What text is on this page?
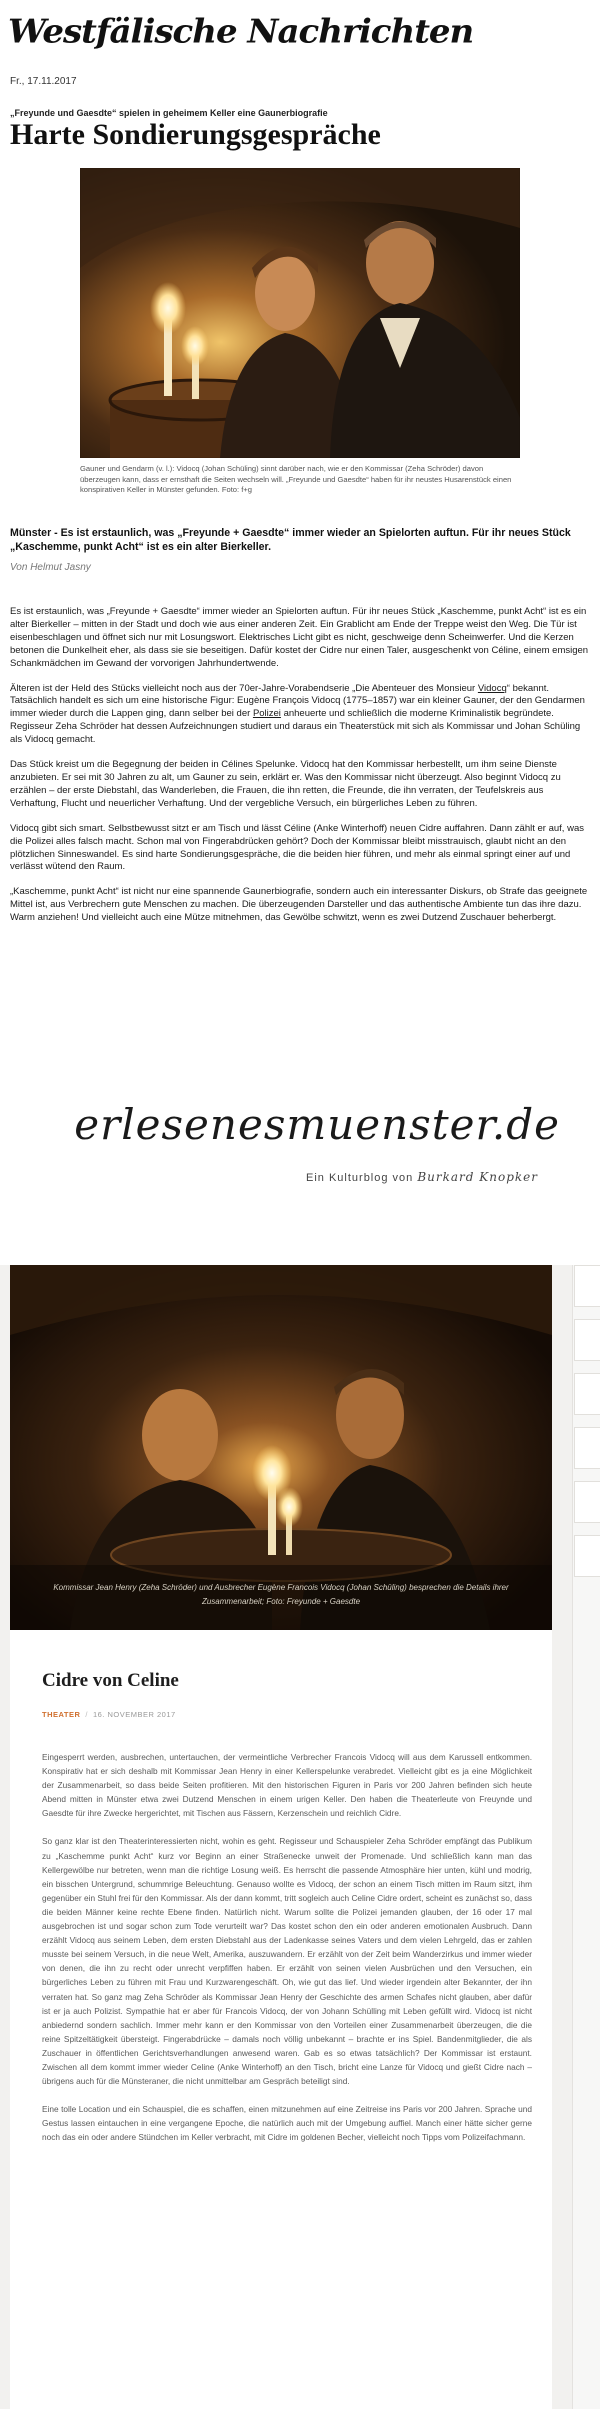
Westfälische Nachrichten
Fr., 17.11.2017
„Freyunde und Gaesdte“ spielen in geheimem Keller eine Gaunerbiografie
Harte Sondierungsgespräche
Gauner und Gendarm (v. l.): Vidocq (Johan Schüling) sinnt darüber nach, wie er den Kommissar (Zeha Schröder) davon überzeugen kann, dass er ernsthaft die Seiten wechseln will. „Freyunde und Gaesdte“ haben für ihr neustes Husarenstück einen konspirativen Keller in Münster gefunden. Foto: f+g

Münster - Es ist erstaunlich, was „Freyunde + Gaesdte“ immer wieder an Spielorten auftun. Für ihr neues Stück „Kaschemme, punkt Acht“ ist es ein alter Bierkeller.

Von Helmut Jasny

Es ist erstaunlich, was „Freyunde + Gaesdte“ immer wieder an Spielorten auftun. Für ihr neues Stück „Kaschemme, punkt Acht“ ist es ein alter Bierkeller – mitten in der Stadt und doch wie aus einer anderen Zeit. Ein Grablicht am Ende der Treppe weist den Weg. Die Tür ist eisenbeschlagen und öffnet sich nur mit Losungswort. Elektrisches Licht gibt es nicht, geschweige denn Scheinwerfer. Und die Kerzen betonen die Dunkelheit eher, als dass sie sie beseitigen. Dafür kostet der Cidre nur einen Taler, ausgeschenkt von Céline, einem emsigen Schankmädchen im Gewand der vorvorigen Jahrhundertwende.

Älteren ist der Held des Stücks vielleicht noch aus der 70er-Jahre-Vorabendserie „Die Abenteuer des Monsieur Vidocq“ bekannt. Tatsächlich handelt es sich um eine historische Figur: Eugène François Vidocq (1775–1857) war ein kleiner Gauner, der den Gendarmen immer wieder durch die Lappen ging, dann selber bei der Polizei anheuerte und schließlich die moderne Kriminalistik begründete. Regisseur Zeha Schröder hat dessen Aufzeichnungen studiert und daraus ein Theaterstück mit sich als Kommissar und Johan Schüling als Vidocq gemacht.

Das Stück kreist um die Begegnung der beiden in Célines Spelunke. Vidocq hat den Kommissar herbestellt, um ihm seine Dienste anzubieten. Er sei mit 30 Jahren zu alt, um Gauner zu sein, erklärt er. Was den Kommissar nicht überzeugt. Also beginnt Vidocq zu erzählen – der erste Diebstahl, das Wanderleben, die Frauen, die ihn retten, die Freunde, die ihn verraten, der Teufelskreis aus Verhaftung, Flucht und neuerlicher Verhaftung. Und der vergebliche Versuch, ein bürgerliches Leben zu führen.

Vidocq gibt sich smart. Selbstbewusst sitzt er am Tisch und lässt Céline (Anke Winterhoff) neuen Cidre auffahren. Dann zählt er auf, was die Polizei alles falsch macht. Schon mal von Fingerabdrücken gehört? Doch der Kommissar bleibt misstrauisch, glaubt nicht an den plötzlichen Sinneswandel. Es sind harte Sondierungsgespräche, die die beiden hier führen, und mehr als einmal springt einer auf und verlässt wütend den Raum.

„Kaschemme, punkt Acht“ ist nicht nur eine spannende Gaunerbiografie, sondern auch ein interessanter Diskurs, ob Strafe das geeignete Mittel ist, aus Verbrechern gute Menschen zu machen. Die überzeugenden Darsteller und das authentische Ambiente tun das ihre dazu. Warm anziehen! Und vielleicht auch eine Mütze mitnehmen, das Gewölbe schwitzt, wenn es zwei Dutzend Zuschauer beherbergt.

erlesenesmuenster.de
Ein Kulturblog von Burkard Knopker
Kommissar Jean Henry (Zeha Schröder) und Ausbrecher Eugène Francois Vidocq (Johan Schüling) besprechen die Details ihrer Zusammenarbeit; Foto: Freyunde + Gaesdte
Cidre von Celine
THEATER / 16. NOVEMBER 2017

Eingesperrt werden, ausbrechen, untertauchen, der vermeintliche Verbrecher Francois Vidocq will aus dem Karussell entkommen. Konspirativ hat er sich deshalb mit Kommissar Jean Henry in einer Kellerspelunke verabredet. Vielleicht gibt es ja eine Möglichkeit der Zusammenarbeit, so dass beide Seiten profitieren. Mit den historischen Figuren in Paris vor 200 Jahren befinden sich heute Abend mitten in Münster etwa zwei Dutzend Menschen in einem urigen Keller. Den haben die Theaterleute von Freuynde und Gaesdte für ihre Zwecke hergerichtet, mit Tischen aus Fässern, Kerzenschein und reichlich Cidre.

So ganz klar ist den Theaterinteressierten nicht, wohin es geht. Regisseur und Schauspieler Zeha Schröder empfängt das Publikum zu „Kaschemme punkt Acht“ kurz vor Beginn an einer Straßenecke unweit der Promenade. Und schließlich kann man das Kellergewölbe nur betreten, wenn man die richtige Losung weiß. Es herrscht die passende Atmosphäre hier unten, kühl und modrig, ein bisschen Untergrund, schummrige Beleuchtung. Genauso wollte es Vidocq, der schon an einem Tisch mitten im Raum sitzt, ihm gegenüber ein Stuhl frei für den Kommissar. Als der dann kommt, tritt sogleich auch Celine Cidre ordert, scheint es zunächst so, dass die beiden Männer keine rechte Ebene finden. Natürlich nicht. Warum sollte die Polizei jemanden glauben, der 16 oder 17 mal ausgebrochen ist und sogar schon zum Tode verurteilt war? Das kostet schon den ein oder anderen emotionalen Ausbruch. Dann erzählt Vidocq aus seinem Leben, dem ersten Diebstahl aus der Ladenkasse seines Vaters und dem vielen Lehrgeld, das er zahlen musste bei seinem Versuch, in die neue Welt, Amerika, auszuwandern. Er erzählt von der Zeit beim Wanderzirkus und immer wieder von denen, die ihn zu recht oder unrecht verpfiffen haben. Er erzählt von seinen vielen Ausbrüchen und den Versuchen, ein bürgerliches Leben zu führen mit Frau und Kurzwarengeschäft. Oh, wie gut das lief. Und wieder irgendein alter Bekannter, der ihn verraten hat. So ganz mag Zeha Schröder als Kommissar Jean Henry der Geschichte des armen Schafes nicht glauben, aber dafür ist er ja auch Polizist. Sympathie hat er aber für Francois Vidocq, der von Johann Schülling mit Leben gefüllt wird. Vidocq ist nicht anbiedernd sondern sachlich. Immer mehr kann er den Kommissar von den Vorteilen einer Zusammenarbeit überzeugen, die die reine Spitzeltätigkeit übersteigt. Fingerabdrücke – damals noch völlig unbekannt – brachte er ins Spiel. Bandenmitglieder, die als Zuschauer in öffentlichen Gerichtsverhandlungen anwesend waren. Gab es so etwas tatsächlich? Der Kommissar ist erstaunt. Zwischen all dem kommt immer wieder Celine (Anke Winterhoff) an den Tisch, bricht eine Lanze für Vidocq und gießt Cidre nach – übrigens auch für die Münsteraner, die nicht unmittelbar am Gespräch beteiligt sind.

Eine tolle Location und ein Schauspiel, die es schaffen, einen mitzunehmen auf eine Zeitreise ins Paris vor 200 Jahren. Sprache und Gestus lassen eintauchen in eine vergangene Epoche, die natürlich auch mit der Umgebung auffiel. Manch einer hätte sicher gerne noch das ein oder andere Stündchen im Keller verbracht, mit Cidre im goldenen Becher, vielleicht noch Tipps vom Polizeifachmann.
